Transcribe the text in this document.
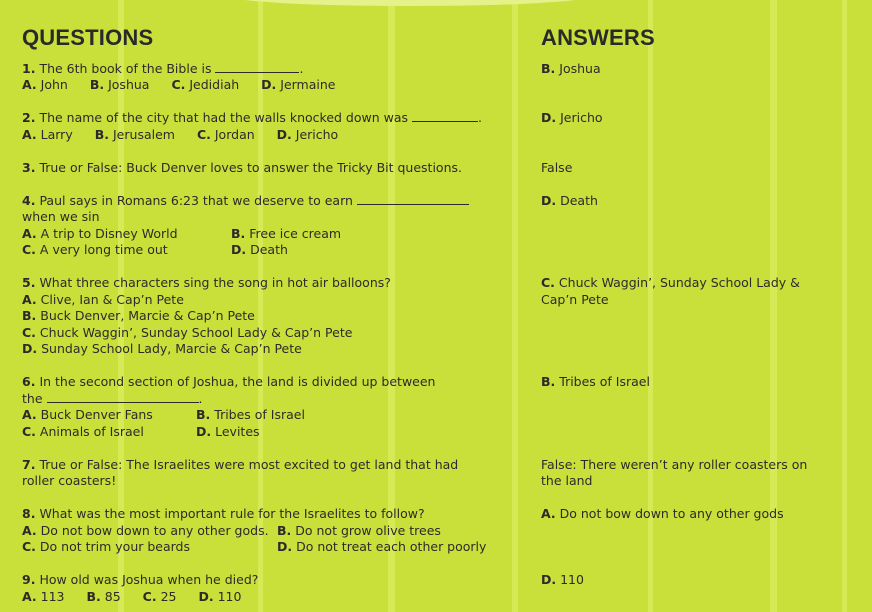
QUESTIONS	ANSWERS
1. The 6th book of the Bible is	.
A. John B. Joshua C. Jedidiah D. Jermaine
B. Joshua
2. The name of the city that had the walls knocked down was	.
A. Larry B. Jerusalem C. Jordan D. Jericho
D. Jericho
3. True or False: Buck Denver loves to answer the Tricky Bit questions.	False
4. Paul says in Romans 6:23 that we deserve to earn
when we sin
A. A trip to Disney World	B. Free ice cream
C. A very long time out	D. Death
D. Death
5. What three characters sing the song in hot air balloons?
A. Clive, Ian & Cap’n Pete
B. Buck Denver, Marcie & Cap’n Pete
C. Chuck Waggin’, Sunday School Lady & Cap’n Pete
D. Sunday School Lady, Marcie & Cap’n Pete
C. Chuck Waggin’, Sunday School Lady &
Cap’n Pete
6. In the second section of Joshua, the land is divided up between
the	.
A. Buck Denver Fans	B. Tribes of Israel
C. Animals of Israel	D. Levites
B. Tribes of Israel
7. True or False: The Israelites were most excited to get land that had
roller coasters!
False: There weren’t any roller coasters on
the land
8. What was the most important rule for the Israelites to follow?
A. Do not bow down to any other gods. B. Do not grow olive trees
C. Do not trim your beards	D. Do not treat each other poorly
A. Do not bow down to any other gods
9. How old was Joshua when he died?
A. 113 B. 85 C. 25 D. 110
D. 110
